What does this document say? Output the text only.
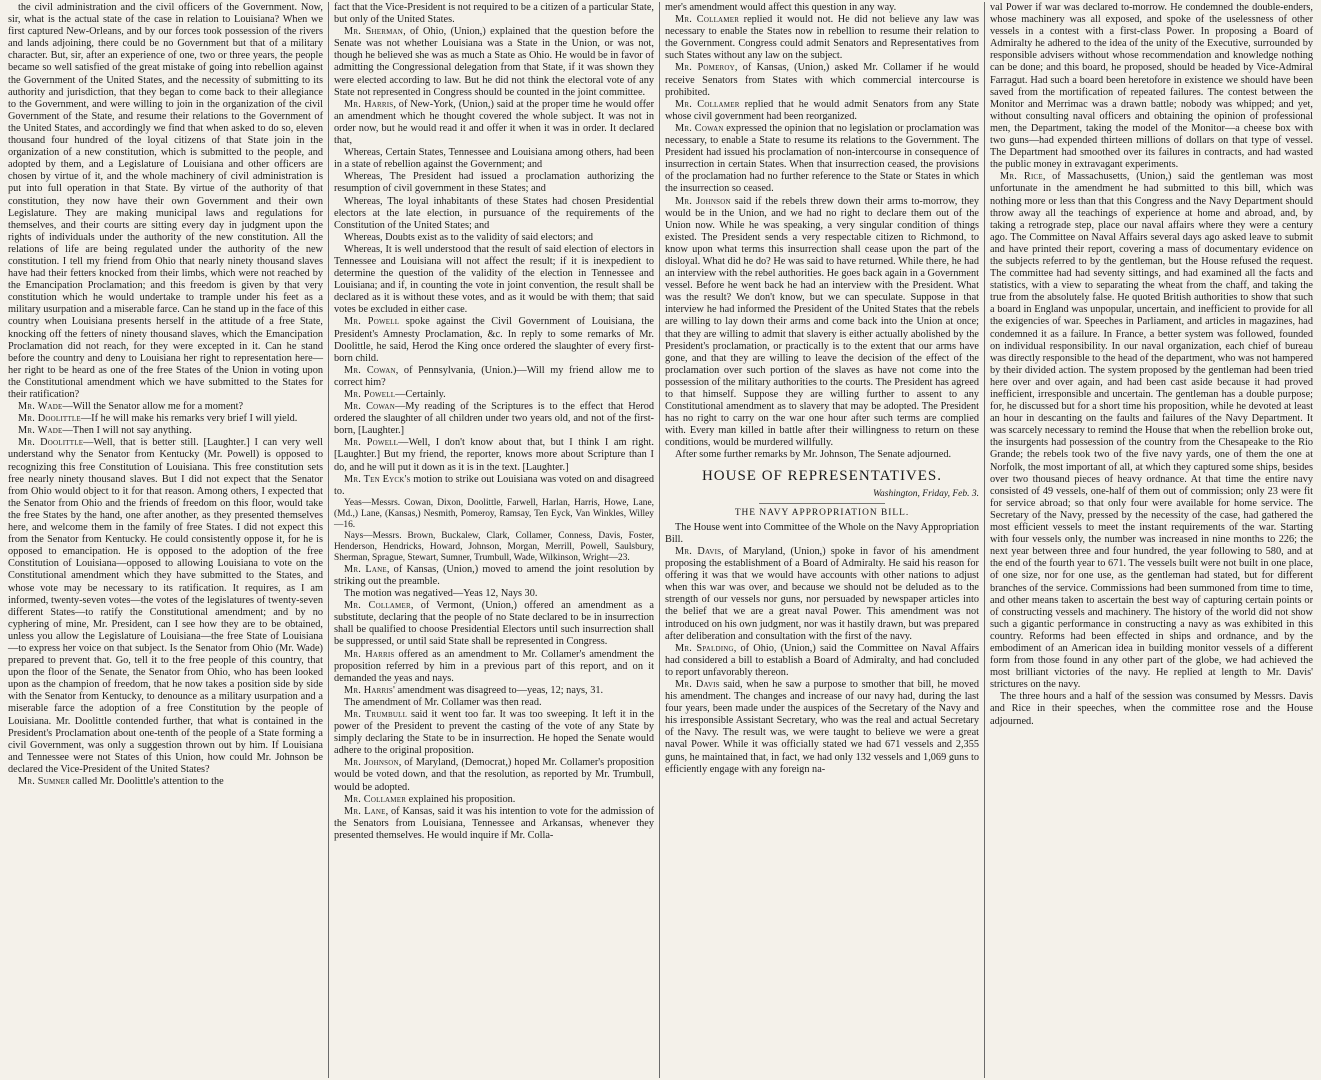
the civil administration and the civil officers of the Government. Now, sir, what is the actual state of the case in relation to Louisiana? When we first captured New-Orleans, and by our forces took possession of the rivers and lands adjoining, there could be no Government but that of a military character. But, sir, after an experience of one, two or three years, the people became so well satisfied of the great mistake of going into rebellion against the Government of the United States, and the necessity of submitting to its authority and jurisdiction, that they began to come back to their allegiance to the Government, and were willing to join in the organization of the civil Government of the State, and resume their relations to the Government of the United States, and accordingly we find that when asked to do so, eleven thousand four hundred of the loyal citizens of that State join in the organization of a new constitution, which is submitted to the people, and adopted by them, and a Legislature of Louisiana and other officers are chosen by virtue of it, and the whole machinery of civil administration is put into full operation in that State. By virtue of the authority of that constitution, they now have their own Government and their own Legislature. They are making municipal laws and regulations for themselves, and their courts are sitting every day in judgment upon the rights of individuals under the authority of the new constitution. All the relations of life are being regulated under the authority of the new constitution. I tell my friend from Ohio that nearly ninety thousand slaves have had their fetters knocked from their limbs, which were not reached by the Emancipation Proclamation; and this freedom is given by that very constitution which he would undertake to trample under his feet as a military usurpation and a miserable farce. Can he stand up in the face of this country when Louisiana presents herself in the attitude of a free State, knocking off the fetters of ninety thousand slaves, which the Emancipation Proclamation did not reach, for they were excepted in it. Can he stand before the country and deny to Louisiana her right to representation here—her right to be heard as one of the free States of the Union in voting upon the Constitutional amendment which we have submitted to the States for their ratification?

Mr. Wade—Will the Senator allow me for a moment?

Mr. Doolittle—If he will make his remarks very brief I will yield.

Mr. Wade—Then I will not say anything.

Mr. Doolittle—Well, that is better still. [Laughter.] I can very well understand why the Senator from Kentucky (Mr. Powell) is opposed to recognizing this free Constitution of Louisiana. This free constitution sets free nearly ninety thousand slaves. But I did not expect that the Senator from Ohio would object to it for that reason. Among others, I expected that the Senator from Ohio and the friends of freedom on this floor, would take the free States by the hand, one after another, as they presented themselves here, and welcome them in the family of free States. I did not expect this from the Senator from Kentucky. He could consistently oppose it, for he is opposed to emancipation. He is opposed to the adoption of the free Constitution of Louisiana—opposed to allowing Louisiana to vote on the Constitutional amendment which they have submitted to the States, and whose vote may be necessary to its ratification. It requires, as I am informed, twenty-seven votes—the votes of the legislatures of twenty-seven different States—to ratify the Constitutional amendment; and by no cyphering of mine, Mr. President, can I see how they are to be obtained, unless you allow the Legislature of Louisiana—the free State of Louisiana—to express her voice on that subject. Is the Senator from Ohio (Mr. Wade) prepared to prevent that. Go, tell it to the free people of this country, that upon the floor of the Senate, the Senator from Ohio, who has been looked upon as the champion of freedom, that he now takes a position side by side with the Senator from Kentucky, to denounce as a military usurpation and a miserable farce the adoption of a free Constitution by the people of Louisiana. Mr. Doolittle contended further, that what is contained in the President's Proclamation about one-tenth of the people of a State forming a civil Government, was only a suggestion thrown out by him. If Louisiana and Tennessee were not States of this Union, how could Mr. Johnson be declared the Vice-President of the United States?

Mr. Sumner called Mr. Doolittle's attention to the

fact that the Vice-President is not required to be a citizen of a particular State, but only of the United States.

Mr. Sherman, of Ohio, (Union,) explained that the question before the Senate was not whether Louisiana was a State in the Union, or was not, though he believed she was as much a State as Ohio. He would be in favor of admitting the Congressional delegation from that State, if it was shown they were elected according to law. But he did not think the electoral vote of any State not represented in Congress should be counted in the joint committee.

Mr. Harris, of New-York, (Union,) said at the proper time he would offer an amendment which he thought covered the whole subject. It was not in order now, but he would read it and offer it when it was in order. It declared that,

Whereas, Certain States, Tennessee and Louisiana among others, had been in a state of rebellion against the Government; and

Whereas, The President had issued a proclamation authorizing the resumption of civil government in these States; and

Whereas, The loyal inhabitants of these States had chosen Presidential electors at the late election, in pursuance of the requirements of the Constitution of the United States; and

Whereas, Doubts exist as to the validity of said electors; and

Whereas, It is well understood that the result of said election of electors in Tennessee and Louisiana will not affect the result; if it is inexpedient to determine the question of the validity of the election in Tennessee and Louisiana; and if, in counting the vote in joint convention, the result shall be declared as it is without these votes, and as it would be with them; that said votes be excluded in either case.

Mr. Powell spoke against the Civil Government of Louisiana, the President's Amnesty Proclamation, &c. In reply to some remarks of Mr. Doolittle, he said, Herod the King once ordered the slaughter of every first-born child.

Mr. Cowan, of Pennsylvania, (Union.)—Will my friend allow me to correct him?

Mr. Powell—Certainly.

Mr. Cowan—My reading of the Scriptures is to the effect that Herod ordered the slaughter of all children under two years old, and not of the first-born, [Laughter.]

Mr. Powell—Well, I don't know about that, but I think I am right. [Laughter.] But my friend, the reporter, knows more about Scripture than I do, and he will put it down as it is in the text. [Laughter.]

Mr. Ten Eyck's motion to strike out Louisiana was voted on and disagreed to.

Yeas—Messrs. Cowan, Dixon, Doolittle, Farwell, Harlan, Harris, Howe, Lane, (Md.,) Lane, (Kansas,) Nesmith, Pomeroy, Ramsay, Ten Eyck, Van Winkles, Willey—16.

Nays—Messrs. Brown, Buckalew, Clark, Collamer, Conness, Davis, Foster, Henderson, Hendricks, Howard, Johnson, Morgan, Merrill, Powell, Saulsbury, Sherman, Sprague, Stewart, Sumner, Trumbull, Wade, Wilkinson, Wright—23.

Mr. Lane, of Kansas, (Union,) moved to amend the joint resolution by striking out the preamble.

The motion was negatived—Yeas 12, Nays 30.

Mr. Collamer, of Vermont, (Union,) offered an amendment as a substitute, declaring that the people of no State declared to be in insurrection shall be qualified to choose Presidential Electors until such insurrection shall be suppressed, or until said State shall be represented in Congress.

Mr. Harris offered as an amendment to Mr. Collamer's amendment the proposition referred by him in a previous part of this report, and on it demanded the yeas and nays.

Mr. Harris' amendment was disagreed to—yeas, 12; nays, 31.

The amendment of Mr. Collamer was then read.

Mr. Trumbull said it went too far. It was too sweeping. It left it in the power of the President to prevent the casting of the vote of any State by simply declaring the State to be in insurrection. He hoped the Senate would adhere to the original proposition.

Mr. Johnson, of Maryland, (Democrat,) hoped Mr. Collamer's proposition would be voted down, and that the resolution, as reported by Mr. Trumbull, would be adopted.

Mr. Collamer explained his proposition.

Mr. Lane, of Kansas, said it was his intention to vote for the admission of the Senators from Louisiana, Tennessee and Arkansas, whenever they presented themselves. He would inquire if Mr. Colla-

mer's amendment would affect this question in any way.

Mr. Collamer replied it would not. He did not believe any law was necessary to enable the States now in rebellion to resume their relation to the Government. Congress could admit Senators and Representatives from such States without any law on the subject.

Mr. Pomeroy, of Kansas, (Union,) asked Mr. Collamer if he would receive Senators from States with which commercial intercourse is prohibited.

Mr. Collamer replied that he would admit Senators from any State whose civil government had been reorganized.

Mr. Cowan expressed the opinion that no legislation or proclamation was necessary, to enable a State to resume its relations to the Government. The President had issued his proclamation of non-intercourse in consequence of insurrection in certain States. When that insurrection ceased, the provisions of the proclamation had no further reference to the State or States in which the insurrection so ceased.

Mr. Johnson said if the rebels threw down their arms to-morrow, they would be in the Union, and we had no right to declare them out of the Union now. While he was speaking, a very singular condition of things existed. The President sends a very respectable citizen to Richmond, to know upon what terms this insurrection shall cease upon the part of the disloyal. What did he do? He was said to have returned. While there, he had an interview with the rebel authorities. He goes back again in a Government vessel. Before he went back he had an interview with the President. What was the result? We don't know, but we can speculate. Suppose in that interview he had informed the President of the United States that the rebels are willing to lay down their arms and come back into the Union at once; that they are willing to admit that slavery is either actually abolished by the President's proclamation, or practically is to the extent that our arms have gone, and that they are willing to leave the decision of the effect of the proclamation over such portion of the slaves as have not come into the possession of the military authorities to the courts. The President has agreed to that himself. Suppose they are willing further to assent to any Constitutional amendment as to slavery that may be adopted. The President has no right to carry on the war one hour after such terms are complied with. Every man killed in battle after their willingness to return on these conditions, would be murdered willfully.

After some further remarks by Mr. Johnson, The Senate adjourned.

HOUSE OF REPRESENTATIVES.
Washington, Friday, Feb. 3.
THE NAVY APPROPRIATION BILL.

The House went into Committee of the Whole on the Navy Appropriation Bill.

Mr. Davis, of Maryland, (Union,) spoke in favor of his amendment proposing the establishment of a Board of Admiralty. He said his reason for offering it was that we would have accounts with other nations to adjust when this war was over, and because we should not be deluded as to the strength of our vessels nor guns, nor persuaded by newspaper articles into the belief that we are a great naval Power. This amendment was not introduced on his own judgment, nor was it hastily drawn, but was prepared after deliberation and consultation with the first of the navy.

Mr. Spalding, of Ohio, (Union,) said the Committee on Naval Affairs had considered a bill to establish a Board of Admiralty, and had concluded to report unfavorably thereon.

Mr. Davis said, when he saw a purpose to smother that bill, he moved his amendment. The changes and increase of our navy had, during the last four years, been made under the auspices of the Secretary of the Navy and his irresponsible Assistant Secretary, who was the real and actual Secretary of the Navy. The result was, we were taught to believe we were a great naval Power. While it was officially stated we had 671 vessels and 2,355 guns, he maintained that, in fact, we had only 132 vessels and 1,069 guns to efficiently engage with any foreign na-

val Power if war was declared to-morrow. He condemned the double-enders, whose machinery was all exposed, and spoke of the uselessness of other vessels in a contest with a first-class Power. In proposing a Board of Admiralty he adhered to the idea of the unity of the Executive, surrounded by responsible advisers without whose recommendation and knowledge nothing can be done; and this board, he proposed, should be headed by Vice-Admiral Farragut. Had such a board been heretofore in existence we should have been saved from the mortification of repeated failures. The contest between the Monitor and Merrimac was a drawn battle; nobody was whipped; and yet, without consulting naval officers and obtaining the opinion of professional men, the Department, taking the model of the Monitor—a cheese box with two guns—had expended thirteen millions of dollars on that type of vessel. The Department had smoothed over its failures in contracts, and had wasted the public money in extravagant experiments.

Mr. Rice, of Massachusetts, (Union,) said the gentleman was most unfortunate in the amendment he had submitted to this bill, which was nothing more or less than that this Congress and the Navy Department should throw away all the teachings of experience at home and abroad, and, by taking a retrograde step, place our naval affairs where they were a century ago. The Committee on Naval Affairs several days ago asked leave to submit and have printed their report, covering a mass of documentary evidence on the subjects referred to by the gentleman, but the House refused the request. The committee had had seventy sittings, and had examined all the facts and statistics, with a view to separating the wheat from the chaff, and taking the true from the absolutely false. He quoted British authorities to show that such a board in England was unpopular, uncertain, and inefficient to provide for all the exigencies of war. Speeches in Parliament, and articles in magazines, had condemned it as a failure. In France, a better system was followed, founded on individual responsibility. In our naval organization, each chief of bureau was directly responsible to the head of the department, who was not hampered by their divided action. The system proposed by the gentleman had been tried here over and over again, and had been cast aside because it had proved inefficient, irresponsible and uncertain. The gentleman has a double purpose; for, he discussed but for a short time his proposition, while he devoted at least an hour in descanting on the faults and failures of the Navy Department. It was scarcely necessary to remind the House that when the rebellion broke out, the insurgents had possession of the country from the Chesapeake to the Rio Grande; the rebels took two of the five navy yards, one of them the one at Norfolk, the most important of all, at which they captured some ships, besides over two thousand pieces of heavy ordnance. At that time the entire navy consisted of 49 vessels, one-half of them out of commission; only 23 were fit for service abroad; so that only four were available for home service. The Secretary of the Navy, pressed by the necessity of the case, had gathered the most efficient vessels to meet the instant requirements of the war. Starting with four vessels only, the number was increased in nine months to 226; the next year between three and four hundred, the year following to 580, and at the end of the fourth year to 671. The vessels built were not built in one place, of one size, nor for one use, as the gentleman had stated, but for different branches of the service. Commissions had been summoned from time to time, and other means taken to ascertain the best way of capturing certain points or of constructing vessels and machinery. The history of the world did not show such a gigantic performance in constructing a navy as was exhibited in this country. Reforms had been effected in ships and ordnance, and by the embodiment of an American idea in building monitor vessels of a different form from those found in any other part of the globe, we had achieved the most brilliant victories of the navy. He replied at length to Mr. Davis' strictures on the navy.

The three hours and a half of the session was consumed by Messrs. Davis and Rice in their speeches, when the committee rose and the House adjourned.
